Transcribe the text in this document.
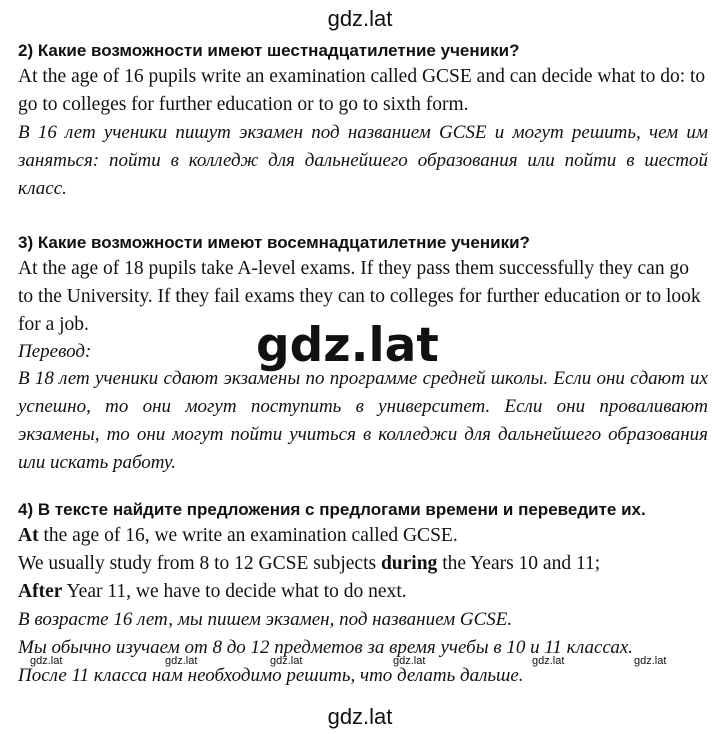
gdz.lat

2) Какие возможности имеют шестнадцатилетние ученики?

At the age of 16 pupils write an examination called GCSE and can decide what to do: to go to colleges for further education or to go to sixth form.

В 16 лет ученики пишут экзамен под названием GCSE и могут решить, чем им заняться: пойти в колледж для дальнейшего образования или пойти в шестой класс.

3) Какие возможности имеют восемнадцатилетние ученики?

At the age of 18 pupils take A-level exams. If they pass them successfully they can go to the University. If they fail exams they can to colleges for further education or to look for a job.

Перевод:

В 18 лет ученики сдают экзамены по программе средней школы. Если они сдают их успешно, то они могут поступить в университет. Если они проваливают экзамены, то они могут пойти учиться в колледжи для дальнейшего образования или искать работу.

4) В тексте найдите предложения с предлогами времени и переведите их.

At the age of 16, we write an examination called GCSE.

We usually study from 8 to 12 GCSE subjects during the Years 10 and 11;

After Year 11, we have to decide what to do next.

В возрасте 16 лет, мы пишем экзамен, под названием GCSE.

Мы обычно изучаем от 8 до 12 предметов за время учебы в 10 и 11 классах.

После 11 класса нам необходимо решить, что делать дальше.

gdz.lat
gdz.lat	gdz.lat	gdz.lat	gdz.lat	gdz.lat	gdz.lat
gdz.lat
